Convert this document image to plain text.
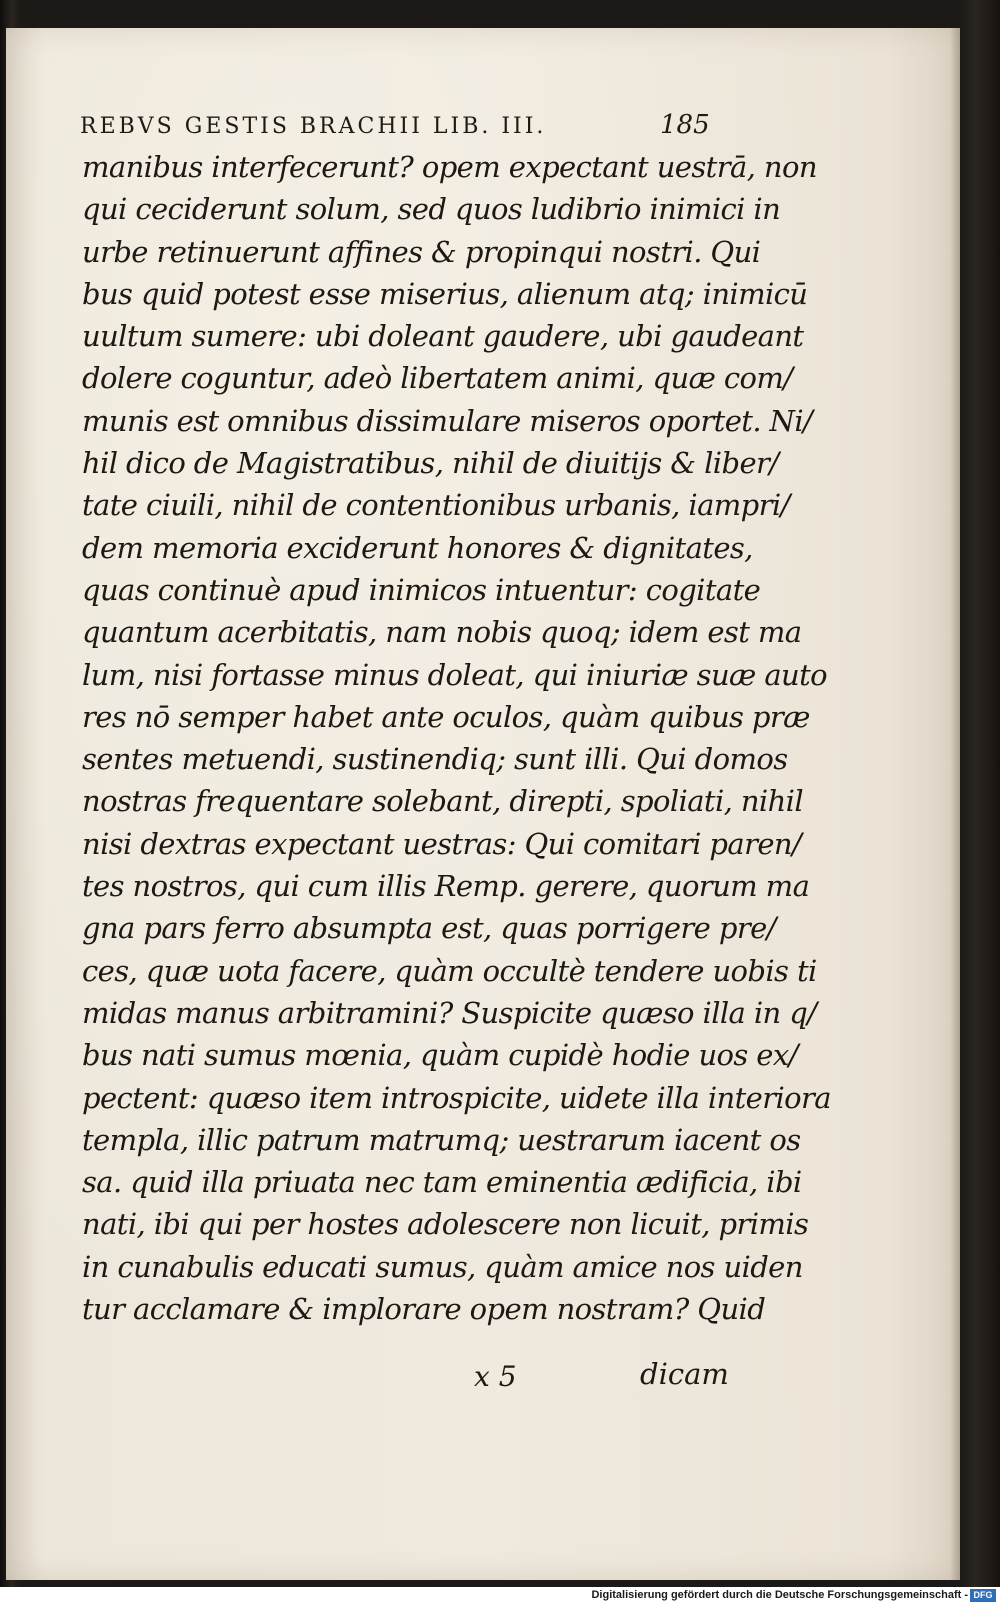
REBVS GESTIS BRACHII LIB. III.	185
manibus interfecerunt? opem expectant uestrā, non
qui ceciderunt solum, sed quos ludibrio inimici in
urbe retinuerunt affines & propinqui nostri. Qui
bus quid potest esse miserius, alienum atq; inimicū
uultum sumere: ubi doleant gaudere, ubi gaudeant
dolere coguntur, adeò libertatem animi, quæ com/
munis est omnibus dissimulare miseros oportet. Ni/
hil dico de Magistratibus, nihil de diuitijs & liber/
tate ciuili, nihil de contentionibus urbanis, iampri/
dem memoria exciderunt honores & dignitates,
quas continuè apud inimicos intuentur: cogitate
quantum acerbitatis, nam nobis quoq; idem est ma
lum, nisi fortasse minus doleat, qui iniuriæ suæ auto
res nō semper habet ante oculos, quàm quibus præ
sentes metuendi, sustinendiq; sunt illi. Qui domos
nostras frequentare solebant, direpti, spoliati, nihil
nisi dextras expectant uestras: Qui comitari paren/
tes nostros, qui cum illis Remp. gerere, quorum ma
gna pars ferro absumpta est, quas porrigere pre/
ces, quæ uota facere, quàm occultè tendere uobis ti
midas manus arbitramini? Suspicite quæso illa in q/
bus nati sumus mœnia, quàm cupidè hodie uos ex/
pectent: quæso item introspicite, uidete illa interiora
templa, illic patrum matrumq; uestrarum iacent os
sa. quid illa priuata nec tam eminentia ædificia, ibi
nati, ibi qui per hostes adolescere non licuit, primis
in cunabulis educati sumus, quàm amice nos uiden
tur acclamare & implorare opem nostram? Quid
x 5	dicam
Digitalisierung gefördert durch die Deutsche Forschungsgemeinschaft - DFG
